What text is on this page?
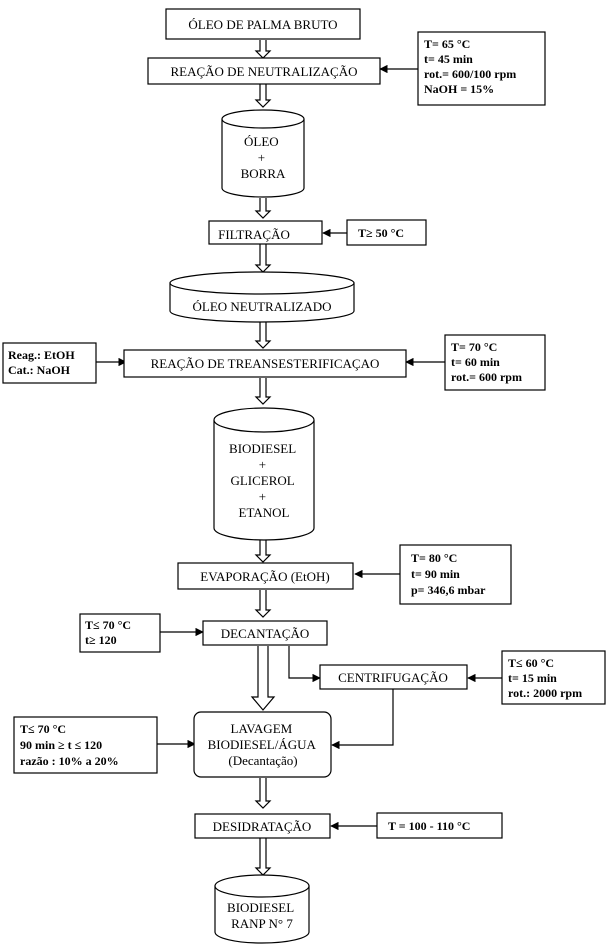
ÓLEO DE PALMA BRUTO
REAÇÃO DE NEUTRALIZAÇÃO
FILTRAÇÃO
ÓLEO NEUTRALIZADO
REAÇÃO DE TREANSESTERIFICAÇAO
EVAPORAÇÃO (EtOH)
DECANTAÇÃO
CENTRIFUGAÇÃO
DESIDRATAÇÃO
ÓLEO + BORRA
BIODIESEL + GLICEROL + ETANOL
LAVAGEM BIODIESEL/ÁGUA (Decantação)
BIODIESEL RANP N° 7
T= 65 °C t= 45 min rot.= 600/100 rpm NaOH = 15%
T≥ 50 °C
Reag.: EtOH Cat.: NaOH
T= 70 °C t= 60 min rot.= 600 rpm
T= 80 °C t= 90 min p= 346,6 mbar
T≤ 70 °C t≥ 120
T≤ 60 °C t= 15 min rot.: 2000 rpm
T≤ 70 °C 90 min ≥ t ≤ 120 razão : 10% a 20%
T = 100 - 110 °C
